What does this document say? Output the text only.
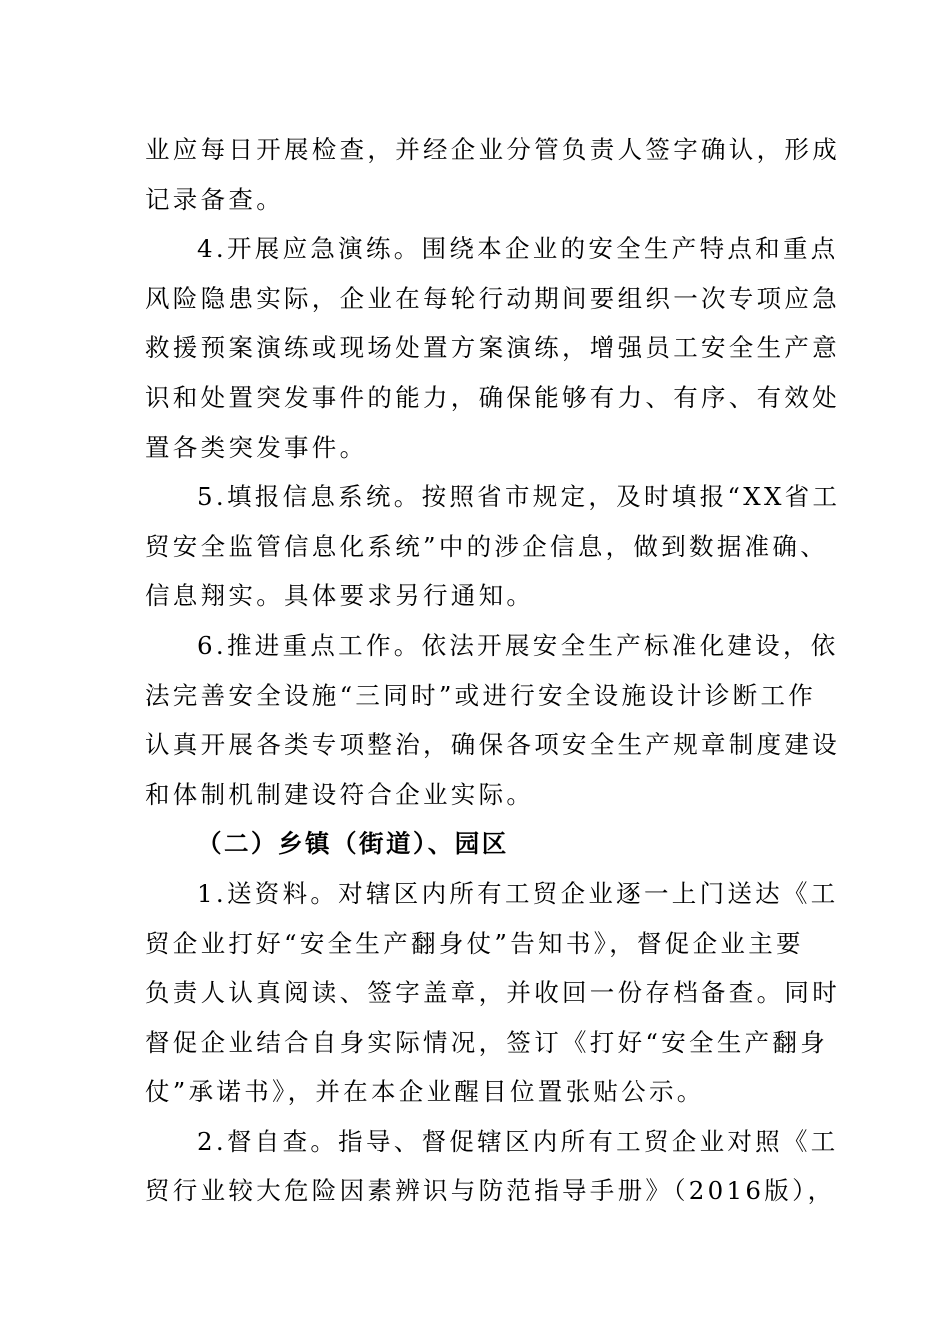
业应每日开展检查，并经企业分管负责人签字确认，形成
记录备查。
4.开展应急演练。围绕本企业的安全生产特点和重点
风险隐患实际，企业在每轮行动期间要组织一次专项应急
救援预案演练或现场处置方案演练，增强员工安全生产意
识和处置突发事件的能力，确保能够有力、有序、有效处
置各类突发事件。
5.填报信息系统。按照省市规定，及时填报“XX省工
贸安全监管信息化系统”中的涉企信息，做到数据准确、
信息翔实。具体要求另行通知。
6.推进重点工作。依法开展安全生产标准化建设，依
法完善安全设施“三同时”或进行安全设施设计诊断工作
认真开展各类专项整治，确保各项安全生产规章制度建设
和体制机制建设符合企业实际。
（二）乡镇（街道）、园区
1.送资料。对辖区内所有工贸企业逐一上门送达《工
贸企业打好“安全生产翻身仗”告知书》，督促企业主要
负责人认真阅读、签字盖章，并收回一份存档备查。同时
督促企业结合自身实际情况，签订《打好“安全生产翻身
仗”承诺书》，并在本企业醒目位置张贴公示。
2.督自查。指导、督促辖区内所有工贸企业对照《工
贸行业较大危险因素辨识与防范指导手册》（2016版），
